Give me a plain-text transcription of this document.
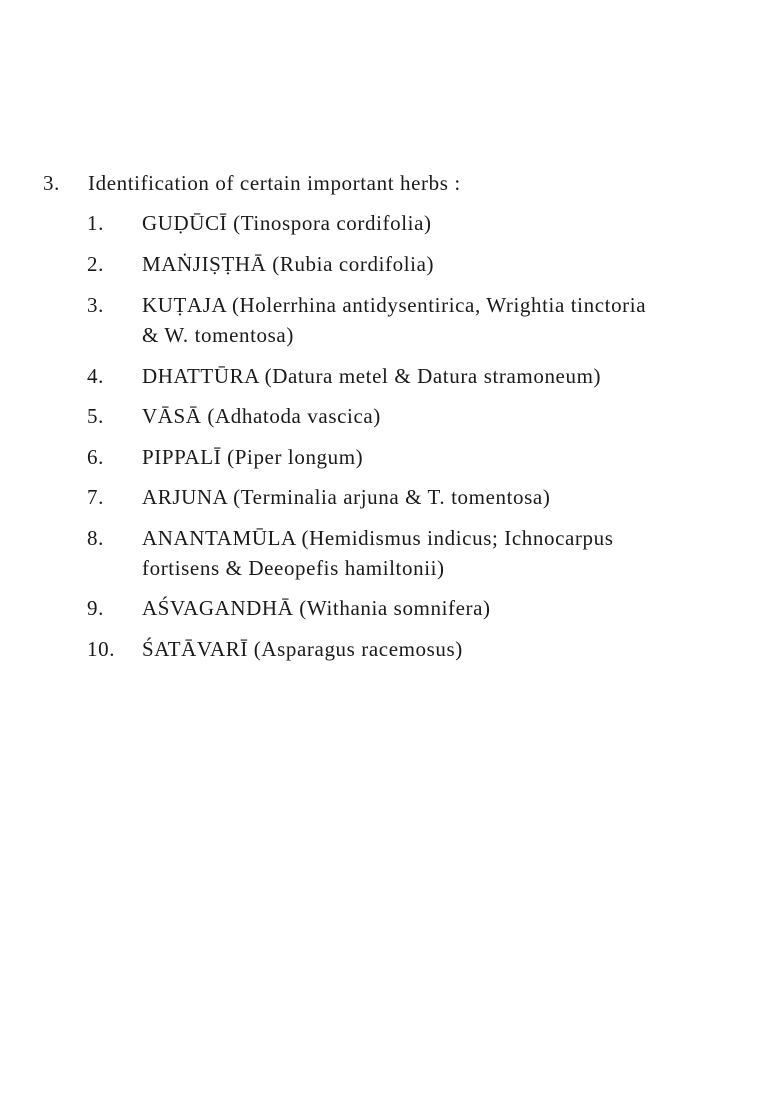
3. Identification of certain important herbs :
1. GUḌŪCĪ (Tinospora cordifolia)
2. MAṄJIṢṬHĀ (Rubia cordifolia)
3. KUṬAJA (Holerrhina antidysentirica, Wrightia tinctoria
& W. tomentosa)
4. DHATTŪRA (Datura metel & Datura stramoneum)
5. VĀSĀ (Adhatoda vascica)
6. PIPPALĪ (Piper longum)
7. ARJUNA (Terminalia arjuna & T. tomentosa)
8. ANANTAMŪLA (Hemidismus indicus; Ichnocarpus
fortisens & Deeopefis hamiltonii)
9. AŚVAGANDHĀ (Withania somnifera)
10. ŚATĀVARĪ (Asparagus racemosus)
